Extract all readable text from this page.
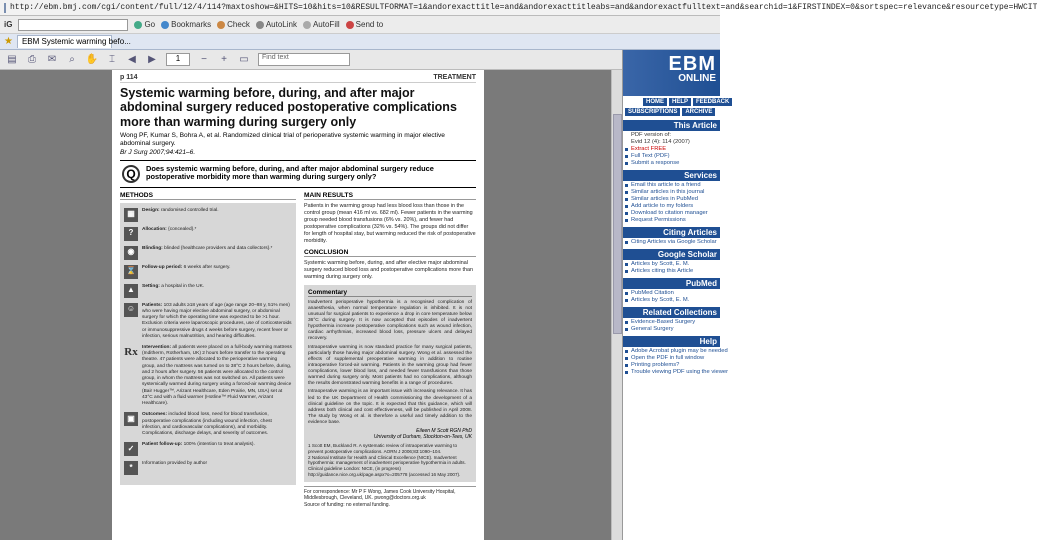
http://ebm.bmj.com/cgi/content/full/12/4/114?maxtoshow=&HITS=10&hits=10&RESULTFORMAT=1&andorexacttitle=and&andorexacttitleabs=and&andorexactfulltext=and&searchid=1&FIRSTINDEX=0&sortspec=relevance&resourcetype=HWCIT
iG	Go Bookmarks Check AutoLink AutoFill Send to
★	EBM Systemic warming befo...
▤ ⎙ ✉	⌕	✋	⌶	◀ ▶	1	−	+	▭	Find text
p 114	TREATMENT
Systemic warming before, during, and after major abdominal surgery reduced postoperative complications more than warming during surgery only
Wong PF, Kumar S, Bohra A, et al. Randomized clinical trial of perioperative systemic warming in major elective abdominal surgery.
Br J Surg 2007;94:421–6.
Q	Does systemic warming before, during, and after major abdominal surgery reduce postoperative morbidity more than warming during surgery only?
METHODS
▦	Design: randomised controlled trial.
?	Allocation: {concealed}.*
◉	Blinding: blinded {healthcare providers and data collectors}.*
⌛	Follow-up period: 6 weeks after surgery.
▲	Setting: a hospital in the UK.
☺	Patients: 103 adults ≥18 years of age (age range 20–88 y, 51% men) who were having major elective abdominal surgery, or abdominal surgery for which the operating time was expected to be >1 hour. Exclusion criteria were laparoscopic procedures, use of corticosteroids or immunosuppressive drugs 4 weeks before surgery, recent fever or infection, serious malnutrition, and hearing difficulties.
Rx Intervention: all patients were placed on a full-body warming mattress (Inditherm, Rotherham, UK) 2 hours before transfer to the operating theatre. 47 patients were allocated to the perioperative warming group, and the mattress was turned on to 38°C 2 hours before, during, and 2 hours after surgery. 56 patients were allocated to the control group, in whom the mattress was not switched on. All patients were systemically warmed during surgery using a forced-air warming device (Bair Hugger™, Arizant Healthcare, Eden Prairie, MN, USA) set at 43°C and with a fluid warmer (Hotline™ Fluid Warmer, Arizant Healthcare).
▣	Outcomes: included blood loss, need for blood transfusion, postoperative complications (including wound infection, chest infection, and cardiovascular complications), and morbidity. Complications, discharge delays, and severity of outcomes.
✓	Patient follow-up: 100% (intention to treat analysis).
*	Information provided by author
MAIN RESULTS
Patients in the warming group had less blood loss than those in the control group (mean 416 ml vs. 682 ml). Fewer patients in the warming group needed blood transfusions (6% vs. 20%), and fewer had postoperative complications (32% vs. 54%). The groups did not differ for length of hospital stay, but warming reduced the risk of postoperative morbidity.
CONCLUSION
Systemic warming before, during, and after elective major abdominal surgery reduced blood loss and postoperative complications more than warming during surgery only.
Commentary

Inadvertent perioperative hypothermia is a recognised complication of anaesthesia, when normal temperature regulation is inhibited. It is not unusual for surgical patients to experience a drop in core temperature below 36°C during surgery. It is now accepted that episodes of inadvertent hypothermia increase postoperative complications such as wound infection, cardiac arrhythmias, increased blood loss, pressure ulcers and delayed recovery.

Intraoperative warming is now standard practice for many surgical patients, particularly those having major abdominal surgery. Wong et al. assessed the effects of supplemental preoperative warming in addition to routine intraoperative forced-air warming. Patients in the warming group had fewer complications, lower blood loss, and needed fewer transfusions than those warmed during surgery only. Most patients had no complications, although the results demonstrated warming benefits in a range of procedures.

Intraoperative warming is an important issue with increasing relevance. It has led to the UK Department of Health commissioning the development of a clinical guideline on the topic. It is expected that this guidance, which will address both clinical and cost effectiveness, will be published in April 2008. The study by Wong et al. is therefore a useful and timely addition to the evidence base.

Eileen M Scott RGN PhD
University of Durham, Stockton-on-Tees, UK
1 Scott EM, Buckland R. A systematic review of intraoperative warming to prevent postoperative complications. AORN J 2006;83:1090–104.
2 National Institute for Health and Clinical Excellence (NICE). Inadvertent hypothermia: management of inadvertent perioperative hypothermia in adults. Clinical guideline London: NICE, (in progress) http://guidance.nice.org.uk/page.aspx?o=205778 (accessed 16 May 2007).
For correspondence: Mr P F Wong, James Cook University Hospital, Middlesbrough, Cleveland, UK. pwong@doctors.org.uk
Source of funding: no external funding.
EBM
ONLINE
HOME	HELP	FEEDBACK
SUBSCRIPTIONS	ARCHIVE
This Article
PDF version of:
Evid 12 (4): 114 (2007)
Extract FREE
Full Text (PDF)
Submit a response
Services
Email this article to a friend
Similar articles in this journal
Similar articles in PubMed
Add article to my folders
Download to citation manager
Request Permissions
Citing Articles
Citing Articles via Google Scholar
Google Scholar
Articles by Scott, E. M.
Articles citing this Article
PubMed
PubMed Citation
Articles by Scott, E. M.
Related Collections
Evidence-Based Surgery
General Surgery
Help
Adobe Acrobat plugin may be needed
Open the PDF in full window
Printing problems?
Trouble viewing PDF using the viewer
